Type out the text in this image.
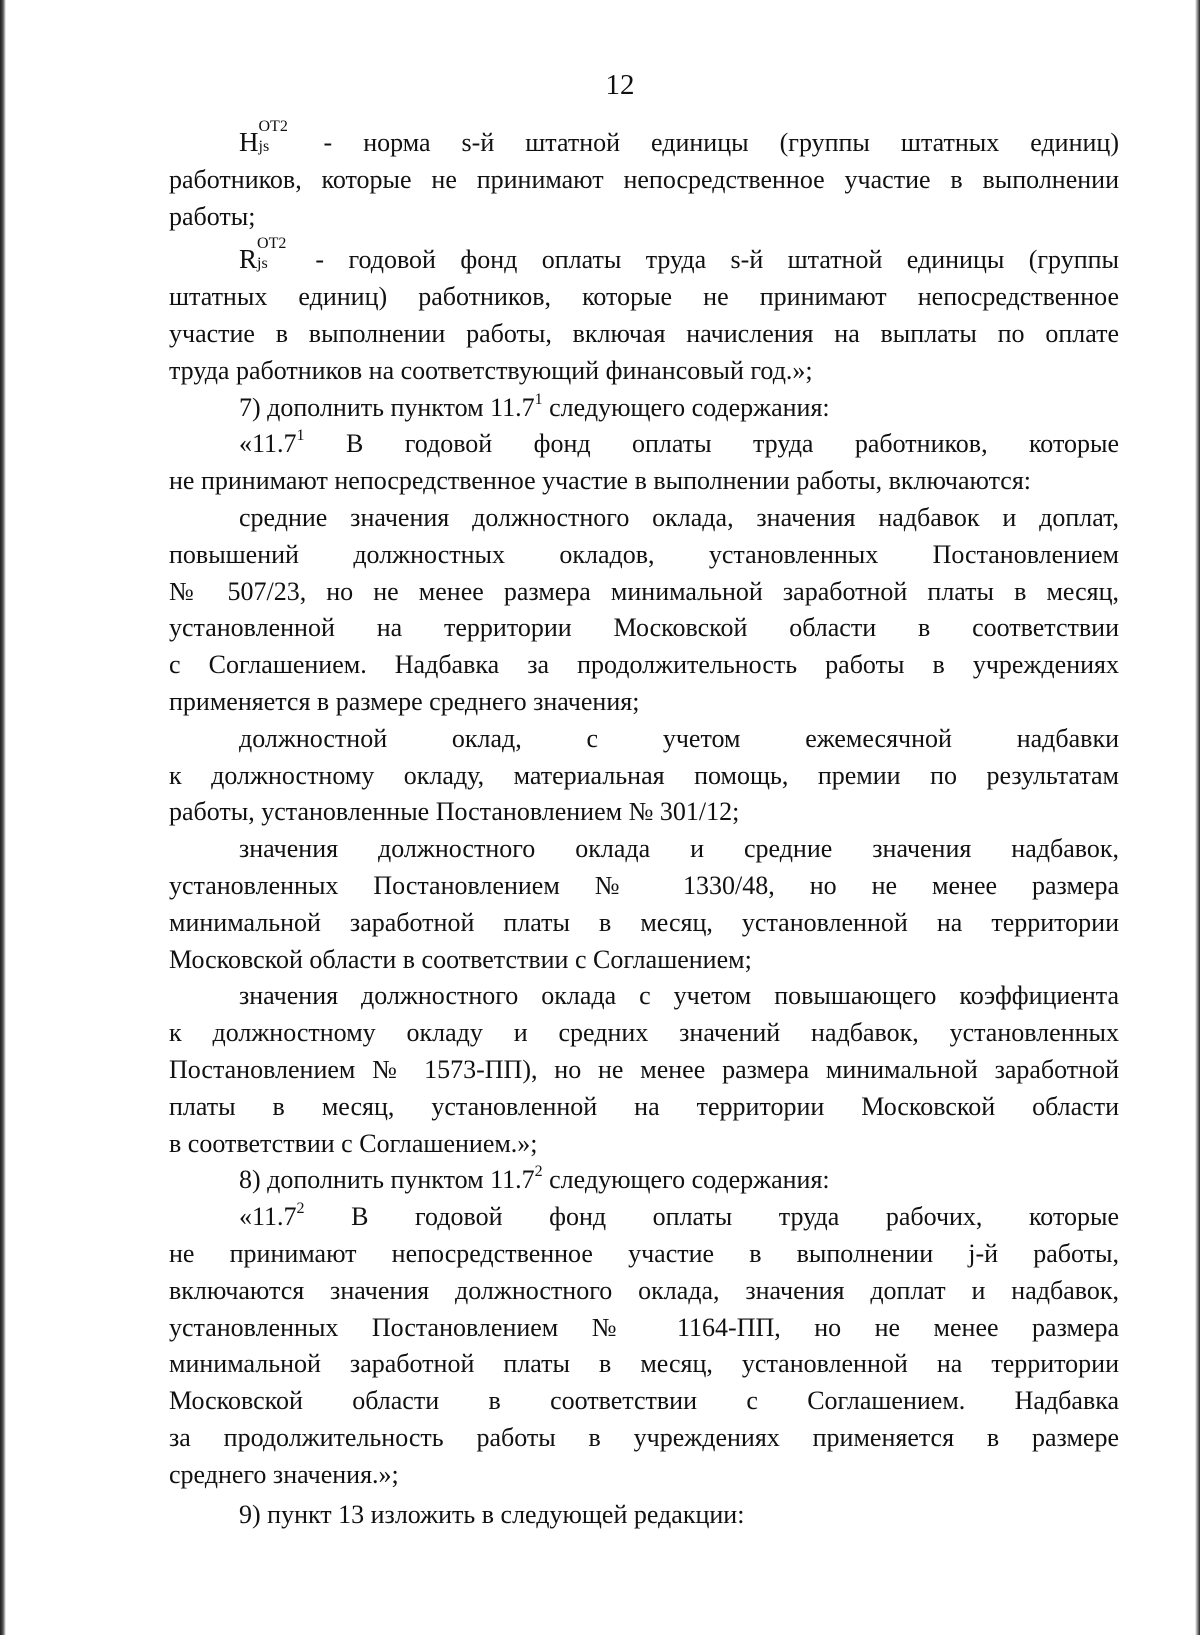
12
H
OT2
js - норма s-й штатной единицы (группы штатных единиц)
работников, которые не принимают непосредственное участие в выполнении
работы;
R
OT2
js - годовой фонд оплаты труда s-й штатной единицы (группы
штатных единиц) работников, которые не принимают непосредственное
участие в выполнении работы, включая начисления на выплаты по оплате
труда работников на соответствующий финансовый год.»;
7) дополнить пунктом 11.7$^1$ следующего содержания:
«11.7$^1$ В годовой фонд оплаты труда работников, которые
не принимают непосредственное участие в выполнении работы, включаются:
средние значения должностного оклада, значения надбавок и доплат,
повышений должностных окладов, установленных Постановлением
№ 507/23, но не менее размера минимальной заработной платы в месяц,
установленной на территории Московской области в соответствии
с Соглашением. Надбавка за продолжительность работы в учреждениях
применяется в размере среднего значения;
должностной оклад, с учетом ежемесячной надбавки
к должностному окладу, материальная помощь, премии по результатам
работы, установленные Постановлением № 301/12;
значения должностного оклада и средние значения надбавок,
установленных Постановлением № 1330/48, но не менее размера
минимальной заработной платы в месяц, установленной на территории
Московской области в соответствии с Соглашением;
значения должностного оклада с учетом повышающего коэффициента
к должностному окладу и средних значений надбавок, установленных
Постановлением № 1573-ПП), но не менее размера минимальной заработной
платы в месяц, установленной на территории Московской области
в соответствии с Соглашением.»;
8) дополнить пунктом 11.7$^2$ следующего содержания:
«11.7$^2$ В годовой фонд оплаты труда рабочих, которые
не принимают непосредственное участие в выполнении j-й работы,
включаются значения должностного оклада, значения доплат и надбавок,
установленных Постановлением № 1164-ПП, но не менее размера
минимальной заработной платы в месяц, установленной на территории
Московской области в соответствии с Соглашением. Надбавка
за продолжительность работы в учреждениях применяется в размере
среднего значения.»;
9) пункт 13 изложить в следующей редакции:
